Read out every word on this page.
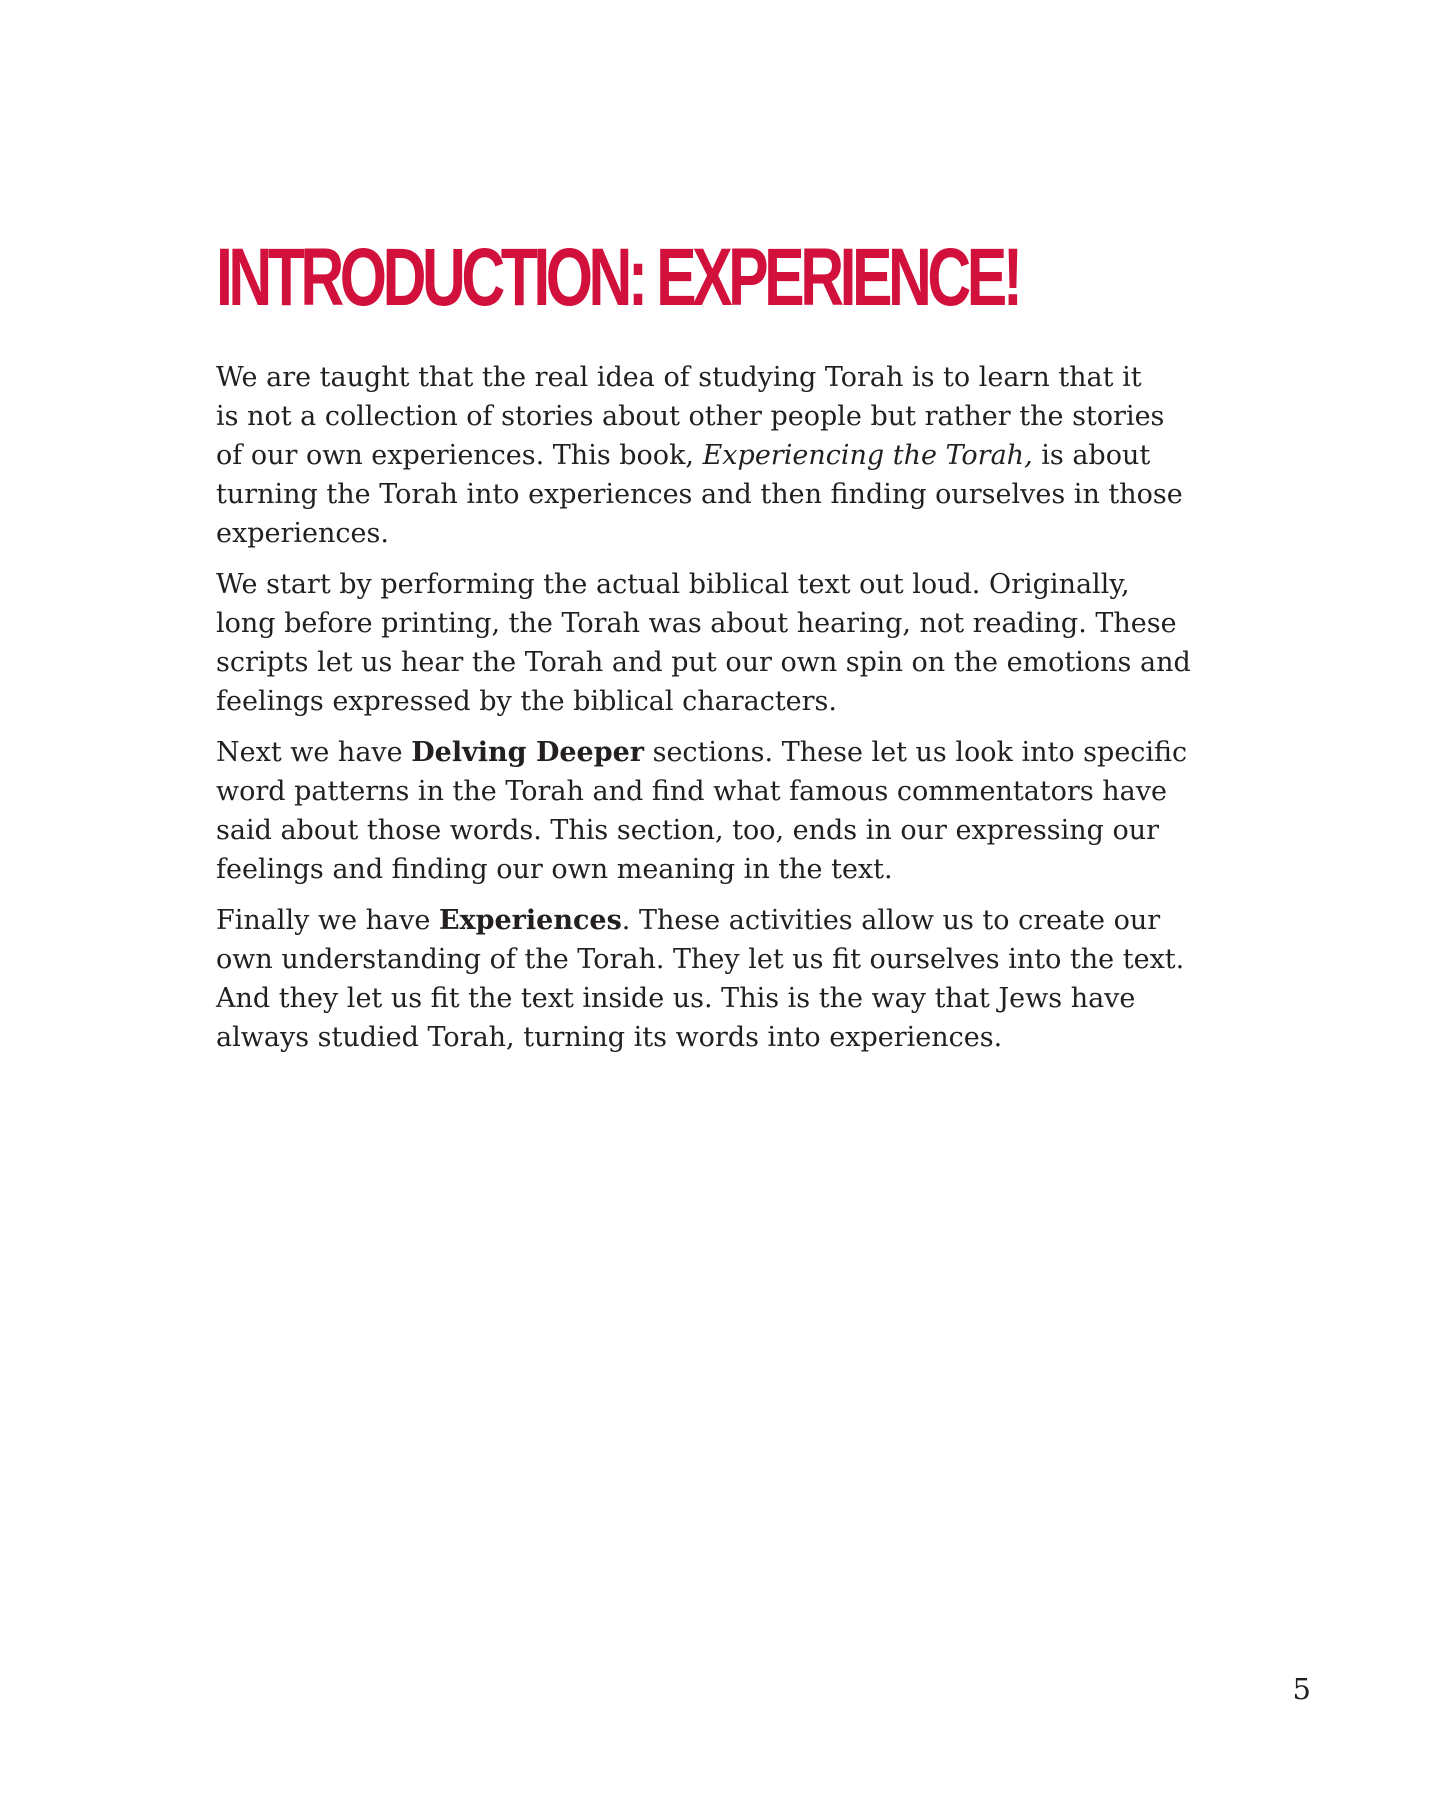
INTRODUCTION: EXPERIENCE!

We are taught that the real idea of studying Torah is to learn that it
is not a collection of stories about other people but rather the stories
of our own experiences. This book, Experiencing the Torah, is about
turning the Torah into experiences and then finding ourselves in those
experiences.

We start by performing the actual biblical text out loud. Originally,
long before printing, the Torah was about hearing, not reading. These
scripts let us hear the Torah and put our own spin on the emotions and
feelings expressed by the biblical characters.

Next we have Delving Deeper sections. These let us look into specific
word patterns in the Torah and find what famous commentators have
said about those words. This section, too, ends in our expressing our
feelings and finding our own meaning in the text.

Finally we have Experiences. These activities allow us to create our
own understanding of the Torah. They let us fit ourselves into the text.
And they let us fit the text inside us. This is the way that Jews have
always studied Torah, turning its words into experiences.

5
